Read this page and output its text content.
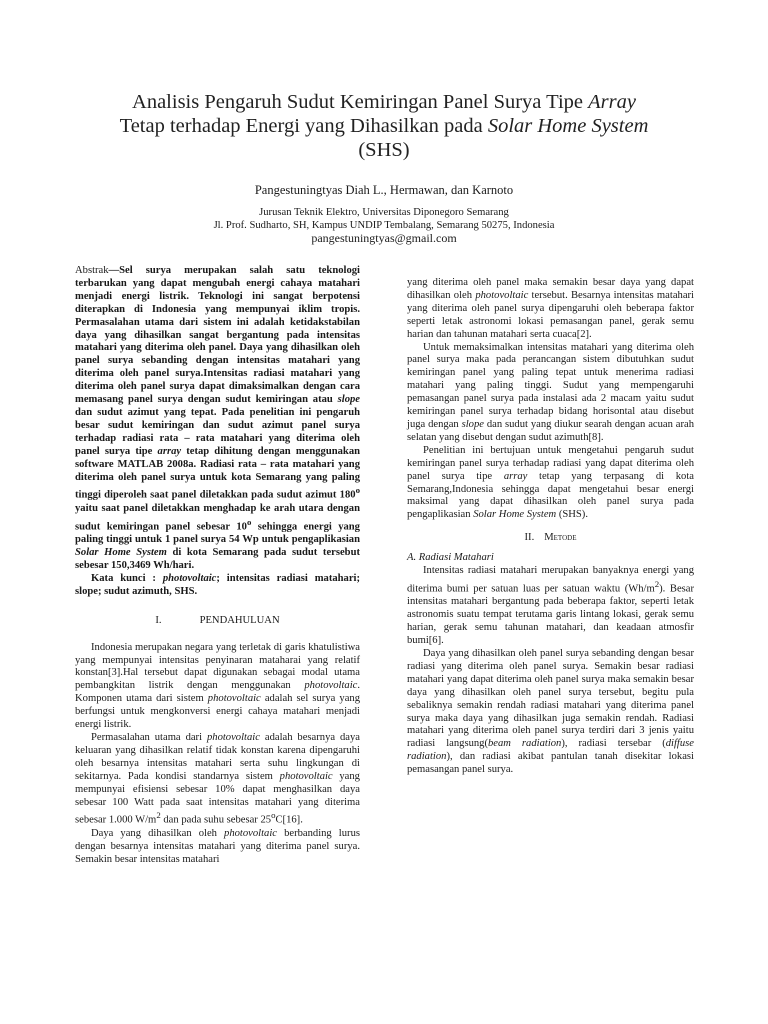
Analisis Pengaruh Sudut Kemiringan Panel Surya Tipe Array
Tetap terhadap Energi yang Dihasilkan pada Solar Home System
(SHS)
Pangestuningtyas Diah L., Hermawan, dan Karnoto
Jurusan Teknik Elektro, Universitas Diponegoro Semarang
Jl. Prof. Sudharto, SH, Kampus UNDIP Tembalang, Semarang 50275, Indonesia
pangestuningtyas@gmail.com

Abstrak—Sel surya merupakan salah satu teknologi terbarukan yang dapat mengubah energi cahaya matahari menjadi energi listrik. Teknologi ini sangat berpotensi diterapkan di Indonesia yang mempunyai iklim tropis. Permasalahan utama dari sistem ini adalah ketidakstabilan daya yang dihasilkan sangat bergantung pada intensitas matahari yang diterima oleh panel. Daya yang dihasilkan oleh panel surya sebanding dengan intensitas matahari yang diterima oleh panel surya.Intensitas radiasi matahari yang diterima oleh panel surya dapat dimaksimalkan dengan cara memasang panel surya dengan sudut kemiringan atau slope dan sudut azimut yang tepat. Pada penelitian ini pengaruh besar sudut kemiringan dan sudut azimut panel surya terhadap radiasi rata – rata matahari yang diterima oleh panel surya tipe array tetap dihitung dengan menggunakan software MATLAB 2008a. Radiasi rata – rata matahari yang diterima oleh panel surya untuk kota Semarang yang paling tinggi diperoleh saat panel diletakkan pada sudut azimut 180$^o$ yaitu saat panel diletakkan menghadap ke arah utara dengan sudut kemiringan panel sebesar 10$^o$ sehingga energi yang paling tinggi untuk 1 panel surya 54 Wp untuk pengaplikasian Solar Home System di kota Semarang pada sudut tersebut sebesar 150,3469 Wh/hari.

Kata kunci : photovoltaic; intensitas radiasi matahari; slope; sudut azimuth, SHS.

I.	PENDAHULUAN

Indonesia merupakan negara yang terletak di garis khatulistiwa yang mempunyai intensitas penyinaran mataharai yang relatif konstan[3].Hal tersebut dapat digunakan sebagai modal utama pembangkitan listrik dengan menggunakan photovoltaic. Komponen utama dari sistem photovoltaic adalah sel surya yang berfungsi untuk mengkonversi energi cahaya matahari menjadi energi listrik.

Permasalahan utama dari photovoltaic adalah besarnya daya keluaran yang dihasilkan relatif tidak konstan karena dipengaruhi oleh besarnya intensitas matahari serta suhu lingkungan di sekitarnya. Pada kondisi standarnya sistem photovoltaic yang mempunyai efisiensi sebesar 10% dapat menghasilkan daya sebesar 100 Watt pada saat intensitas matahari yang diterima sebesar 1.000 $W/m^2$ dan pada suhu sebesar 25$^o$C[16].

Daya yang dihasilkan oleh photovoltaic berbanding lurus dengan besarnya intensitas matahari yang diterima panel surya. Semakin besar intensitas matahari

yang diterima oleh panel maka semakin besar daya yang dapat dihasilkan oleh photovoltaic tersebut. Besarnya intensitas matahari yang diterima oleh panel surya dipengaruhi oleh beberapa faktor seperti letak astronomi lokasi pemasangan panel, gerak semu harian dan tahunan matahari serta cuaca[2].

Untuk memaksimalkan intensitas matahari yang diterima oleh panel surya maka pada perancangan sistem dibutuhkan sudut kemiringan panel yang paling tepat untuk menerima radiasi matahari yang paling tinggi. Sudut yang mempengaruhi pemasangan panel surya pada instalasi ada 2 macam yaitu sudut kemiringan panel surya terhadap bidang horisontal atau disebut juga dengan slope dan sudut yang diukur searah dengan acuan arah selatan yang disebut dengan sudut azimuth[8].

Penelitian ini bertujuan untuk mengetahui pengaruh sudut kemiringan panel surya terhadap radiasi yang dapat diterima oleh panel surya tipe array tetap yang terpasang di kota Semarang,Indonesia sehingga dapat mengetahui besar energi maksimal yang dapat dihasilkan oleh panel surya pada pengaplikasian Solar Home System (SHS).

II. Metode

A. Radiasi Matahari

Intensitas radiasi matahari merupakan banyaknya energi yang diterima bumi per satuan luas per satuan waktu $(Wh/m^2)$. Besar intensitas matahari bergantung pada beberapa faktor, seperti letak astronomis suatu tempat terutama garis lintang lokasi, gerak semu harian, gerak semu tahunan matahari, dan keadaan atmosfir bumi[6].

Daya yang dihasilkan oleh panel surya sebanding dengan besar radiasi yang diterima oleh panel surya. Semakin besar radiasi matahari yang dapat diterima oleh panel surya maka semakin besar daya yang dihasilkan oleh panel surya tersebut, begitu pula sebaliknya semakin rendah radiasi matahari yang diterima panel surya maka daya yang dihasilkan juga semakin rendah. Radiasi matahari yang diterima oleh panel surya terdiri dari 3 jenis yaitu radiasi langsung(beam radiation), radiasi tersebar (diffuse radiation), dan radiasi akibat pantulan tanah disekitar lokasi pemasangan panel surya.
